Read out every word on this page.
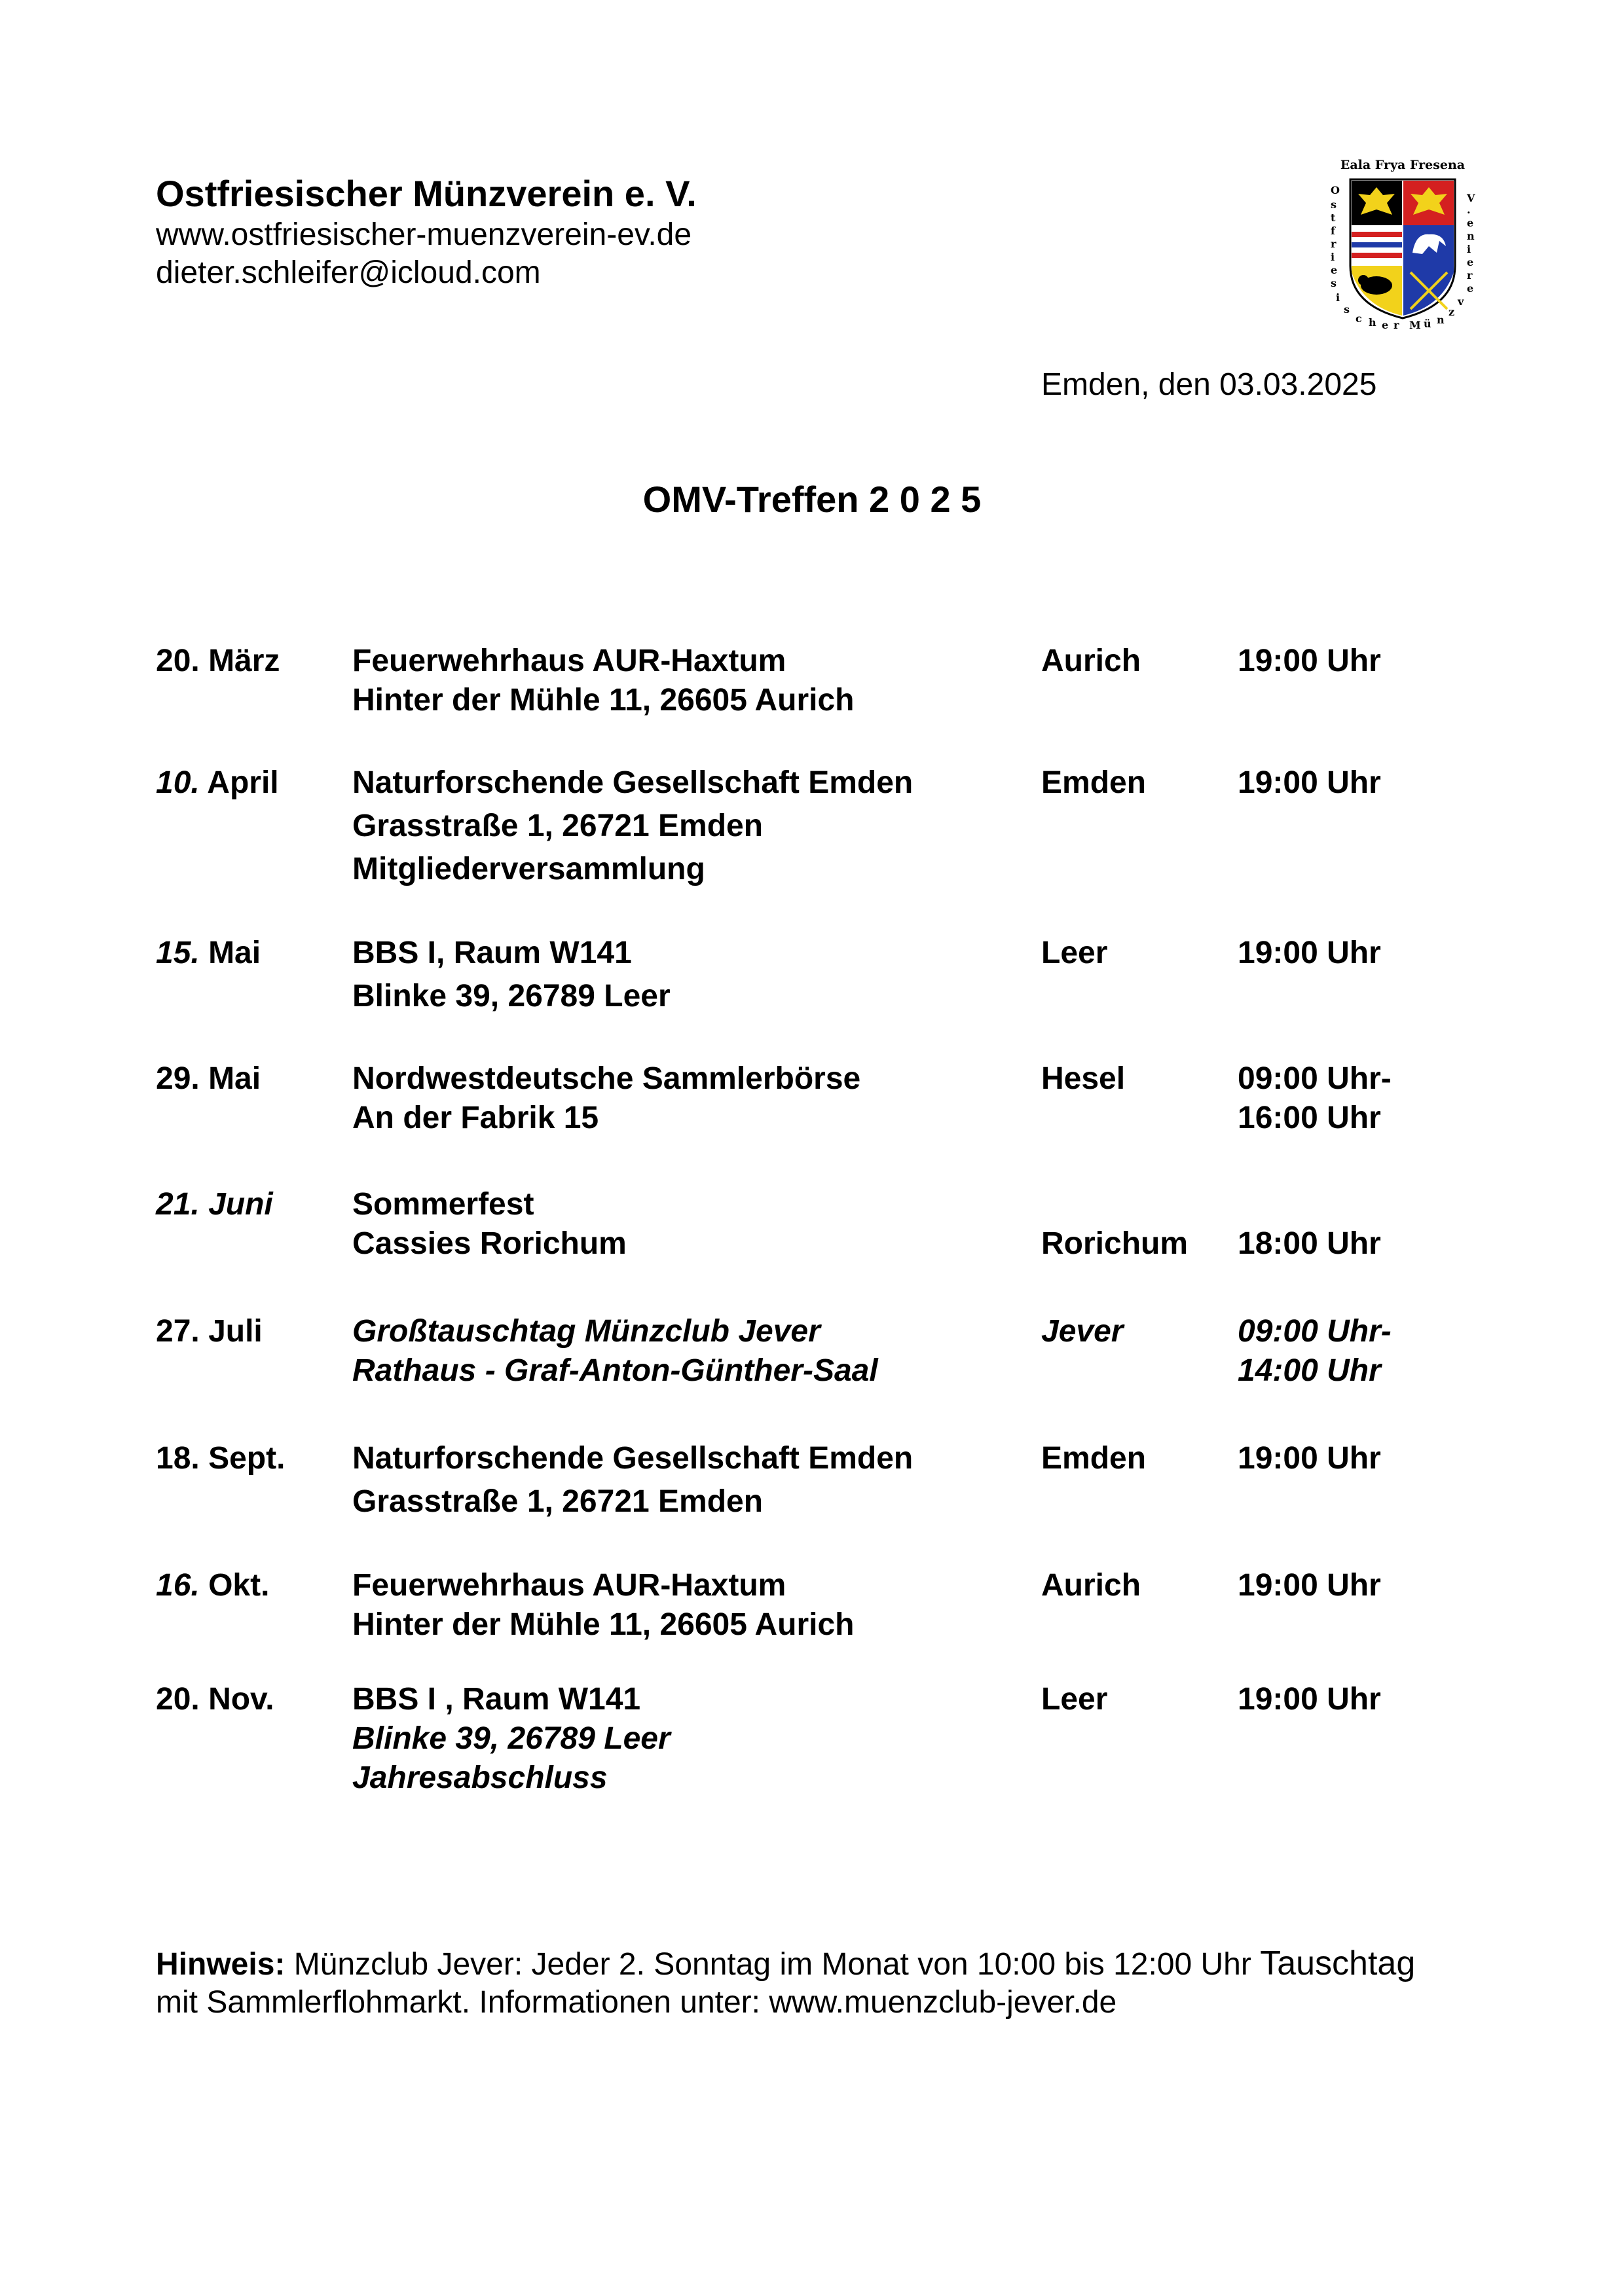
Ostfriesischer Münzverein e. V.
www.ostfriesischer-muenzverein-ev.de
dieter.schleifer@icloud.com
Eala Frya Fresena
O
s
t
f
r
i
e
s
i
s
c h e r M ü n
z
v
e
r
e
i
n
e
.
V
Emden, den 03.03.2025
OMV-Treffen 2 0 2 5
20. März Feuerwehrhaus AUR-Haxtum
Hinter der Mühle 11, 26605 Aurich
Aurich	19:00 Uhr
10. April Naturforschende Gesellschaft Emden
Grasstraße 1, 26721 Emden
Mitgliederversammlung
Emden	19:00 Uhr
15. Mai	BBS I, Raum W141
Blinke 39, 26789 Leer
Leer	19:00 Uhr
29. Mai	Nordwestdeutsche Sammlerbörse
An der Fabrik 15
Hesel	09:00 Uhr-
16:00 Uhr
21. Juni	Sommerfest
Cassies Rorichum	Rorichum 18:00 Uhr
27. Juli	Großtauschtag Münzclub Jever
Rathaus - Graf-Anton-Günther-Saal
Jever	09:00 Uhr-
14:00 Uhr
18. Sept. Naturforschende Gesellschaft Emden
Grasstraße 1, 26721 Emden
Emden	19:00 Uhr
16. Okt.	Feuerwehrhaus AUR-Haxtum
Hinter der Mühle 11, 26605 Aurich
Aurich	19:00 Uhr
20. Nov. BBS I , Raum W141
Blinke 39, 26789 Leer
Jahresabschluss
Leer	19:00 Uhr
Hinweis: Münzclub Jever: Jeder 2. Sonntag im Monat von 10:00 bis 12:00 Uhr Tauschtag
mit Sammlerflohmarkt. Informationen unter: www.muenzclub-jever.de
